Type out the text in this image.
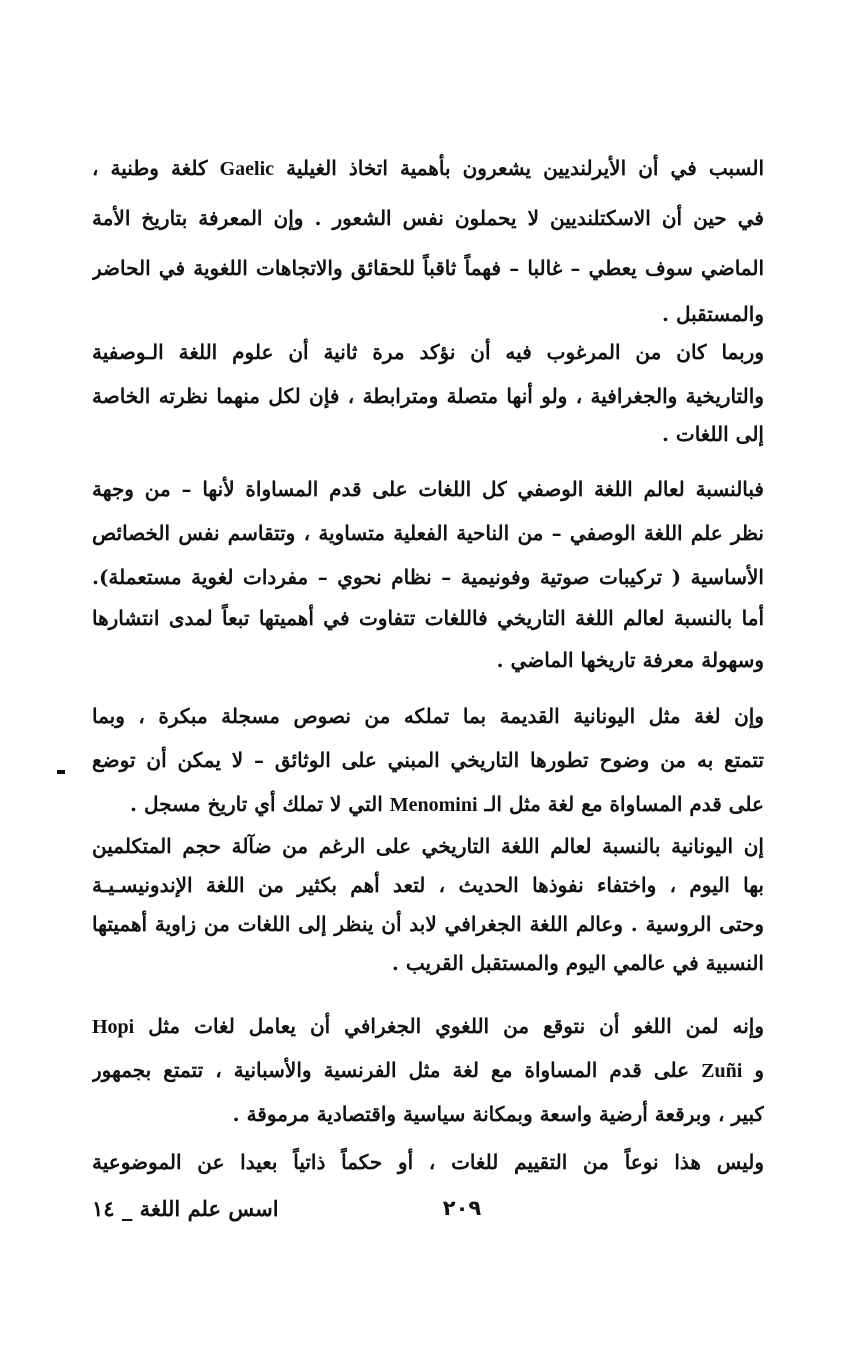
السبب في أن الأيرلنديين يشعرون بأهمية اتخاذ الغيلية Gaelic كلغة وطنية ،
في حين أن الاسكتلنديين لا يحملون نفس الشعور . وإن المعرفة بتاريخ الأمة
الماضي سوف يعطي – غالبا – فهماً ثاقباً للحقائق والاتجاهات اللغوية في الحاضر
والمستقبل .
وربما كان من المرغوب فيه أن نؤكد مرة ثانية أن علوم اللغة الـوصفية
والتاريخية والجغرافية ، ولو أنها متصلة ومترابطة ، فإن لكل منهما نظرته الخاصة
إلى اللغات .
فبالنسبة لعالم اللغة الوصفي كل اللغات على قدم المساواة لأنها – من وجهة
نظر علم اللغة الوصفي – من الناحية الفعلية متساوية ، وتتقاسم نفس الخصائص
الأساسية ( تركيبات صوتية وفونيمية – نظام نحوي – مفردات لغوية مستعملة).
أما بالنسبة لعالم اللغة التاريخي فاللغات تتفاوت في أهميتها تبعاً لمدى انتشارها
وسهولة معرفة تاريخها الماضي .
وإن لغة مثل اليونانية القديمة بما تملكه من نصوص مسجلة مبكرة ، وبما
تتمتع به من وضوح تطورها التاريخي المبني على الوثائق – لا يمكن أن توضع
على قدم المساواة مع لغة مثل الـ Menomini التي لا تملك أي تاريخ مسجل .
إن اليونانية بالنسبة لعالم اللغة التاريخي على الرغم من ضآلة حجم المتكلمين
بها اليوم ، واختفاء نفوذها الحديث ، لتعد أهم بكثير من اللغة الإندونيسـيـة
وحتى الروسية . وعالم اللغة الجغرافي لابد أن ينظر إلى اللغات من زاوية أهميتها
النسبية في عالمي اليوم والمستقبل القريب .
وإنه لمن اللغو أن نتوقع من اللغوي الجغرافي أن يعامل لغات مثل Hopi
و Zuñi على قدم المساواة مع لغة مثل الفرنسية والأسبانية ، تتمتع بجمهور
كبير ، وبرقعة أرضية واسعة وبمكانة سياسية واقتصادية مرموقة .
وليس هذا نوعاً من التقييم للغات ، أو حكماً ذاتياً بعيدا عن الموضوعية
٢٠٩
اسس علم اللغة _ ١٤
